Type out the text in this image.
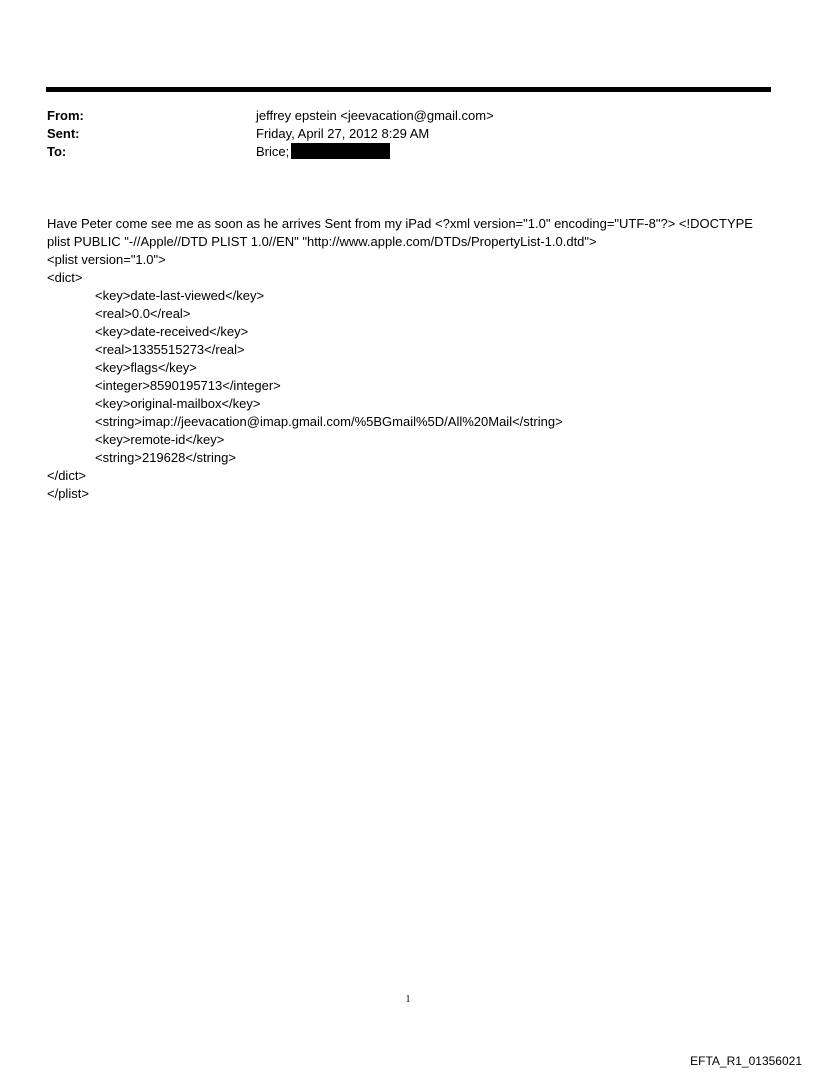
From:	jeffrey epstein <jeevacation@gmail.com>
Sent:	Friday, April 27, 2012 8:29 AM
To:	Brice;
Have Peter come see me as soon as he arrives Sent from my iPad <?xml version="1.0" encoding="UTF-8"?> <!DOCTYPE
plist PUBLIC "-//Apple//DTD PLIST 1.0//EN" "http://www.apple.com/DTDs/PropertyList-1.0.dtd">
<plist version="1.0">
<dict>
<key>date-last-viewed</key>
<real>0.0</real>
<key>date-received</key>
<real>1335515273</real>
<key>flags</key>
<integer>8590195713</integer>
<key>original-mailbox</key>
<string>imap://jeevacation@imap.gmail.com/%5BGmail%5D/All%20Mail</string>
<key>remote-id</key>
<string>219628</string>
</dict>
</plist>
1
EFTA_R1_01356021
